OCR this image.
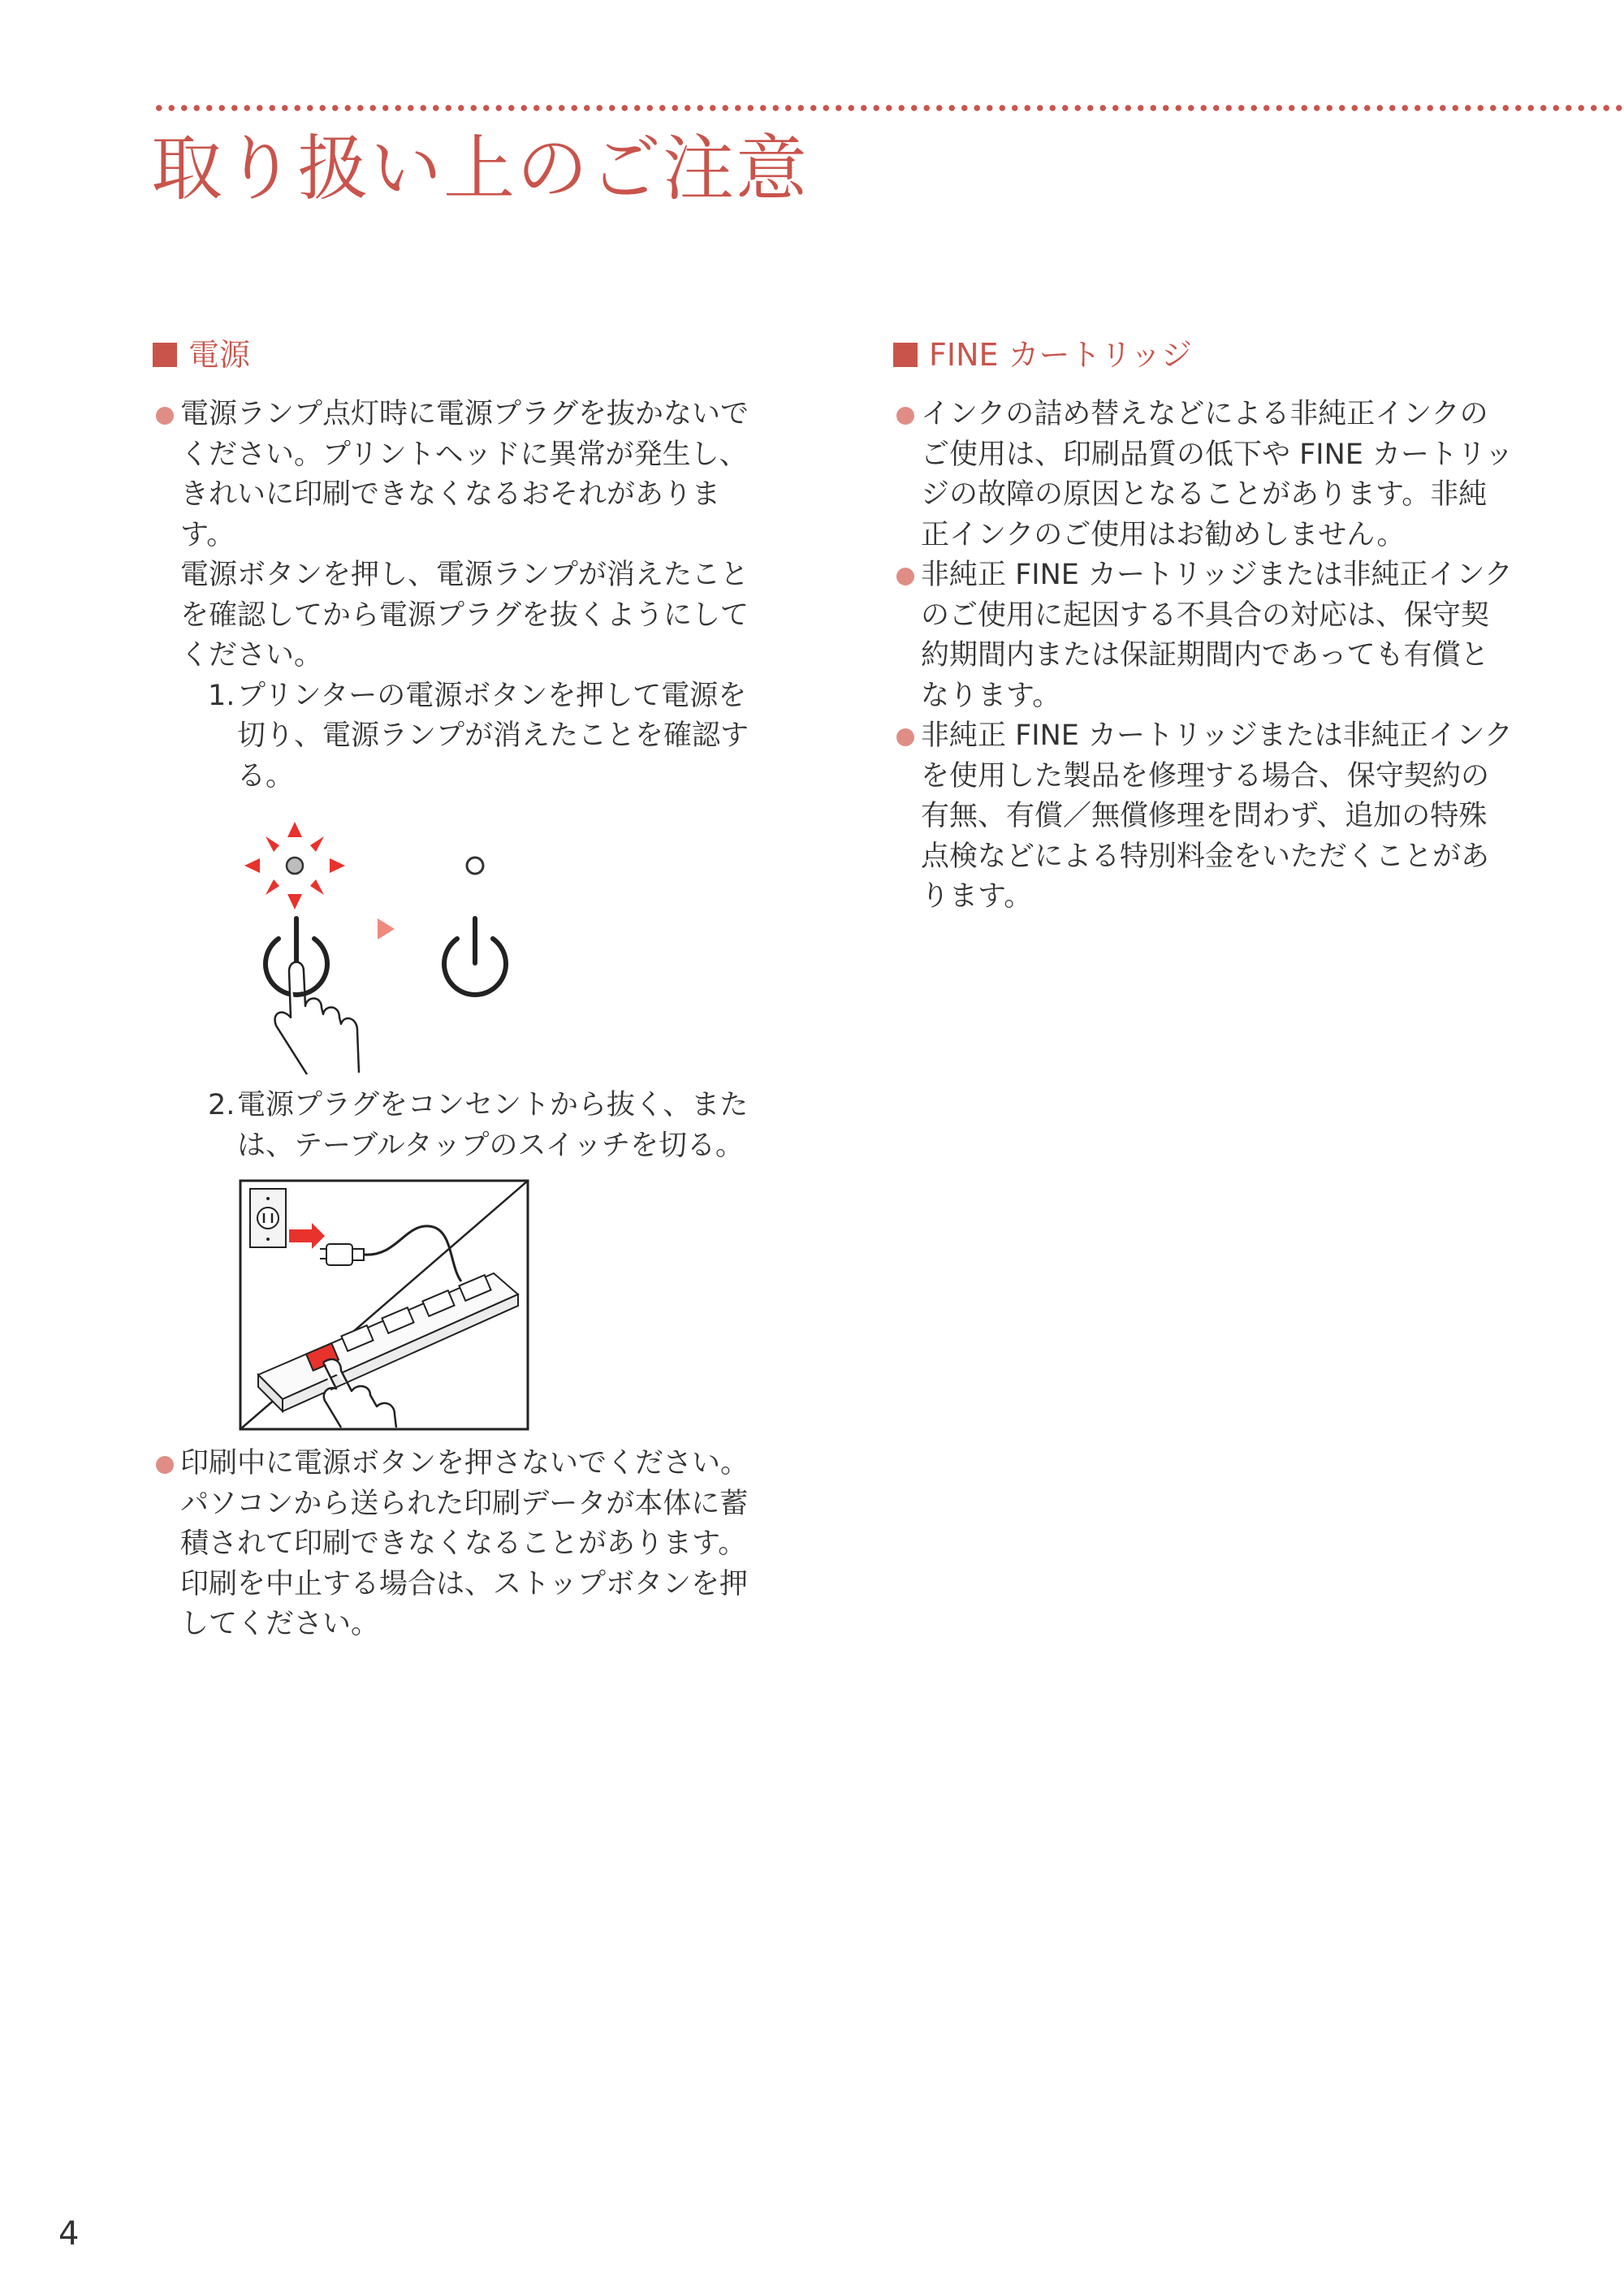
取り扱い上のご注意
電源

電源ランプ点灯時に電源プラグを抜かないで
ください。プリントヘッドに異常が発生し、
きれいに印刷できなくなるおそれがあります。
電源ボタンを押し、電源ランプが消えたこと
を確認してから電源プラグを抜くようにして
ください。

1. プリンターの電源ボタンを押して電源を
切り、電源ランプが消えたことを確認す
る。
2. 電源プラグをコンセントから抜く、また
は、テーブルタップのスイッチを切る。

印刷中に電源ボタンを押さないでください。
パソコンから送られた印刷データが本体に蓄
積されて印刷できなくなることがあります。
印刷を中止する場合は、ストップボタンを押
してください。

FINE カートリッジ

インクの詰め替えなどによる非純正インクの
ご使用は、印刷品質の低下や FINE カートリッ
ジの故障の原因となることがあります。非純
正インクのご使用はお勧めしません。

非純正 FINE カートリッジまたは非純正インク
のご使用に起因する不具合の対応は、保守契
約期間内または保証期間内であっても有償と
なります。

非純正 FINE カートリッジまたは非純正インク
を使用した製品を修理する場合、保守契約の
有無、有償／無償修理を問わず、追加の特殊
点検などによる特別料金をいただくことがあ
ります。

4
